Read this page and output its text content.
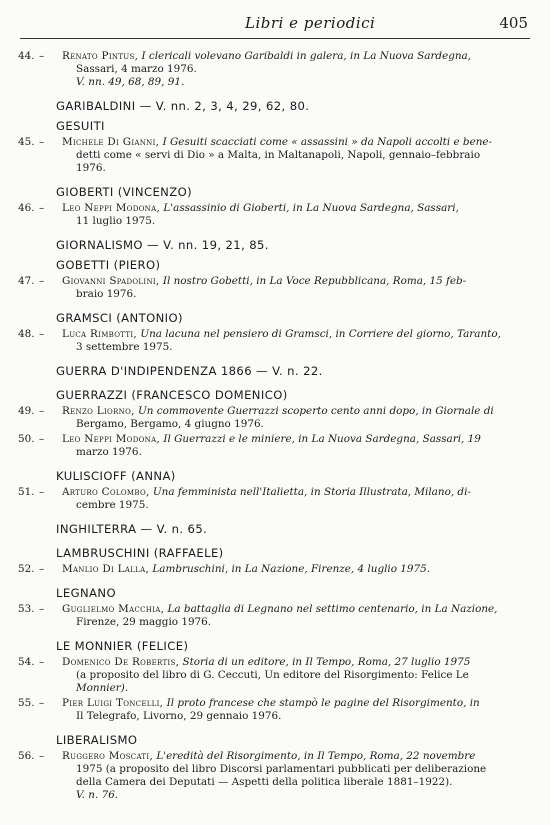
Libri e periodici	405
44. – Renato Pintus, I clericali volevano Garibaldi in galera, in La Nuova Sardegna,
Sassari, 4 marzo 1976.
V. nn. 49, 68, 89, 91.
GARIBALDINI — V. nn. 2, 3, 4, 29, 62, 80.
GESUITI
45. – Michele Di Gianni, I Gesuiti scacciati come « assassini » da Napoli accolti e bene-
detti come « servi di Dio » a Malta, in Maltanapoli, Napoli, gennaio–febbraio
1976.
GIOBERTI (VINCENZO)
46. – Leo Neppi Modona, L'assassinio di Gioberti, in La Nuova Sardegna, Sassari,
11 luglio 1975.
GIORNALISMO — V. nn. 19, 21, 85.
GOBETTI (PIERO)
47. – Giovanni Spadolini, Il nostro Gobetti, in La Voce Repubblicana, Roma, 15 feb-
braio 1976.
GRAMSCI (ANTONIO)
48. – Luca Rimbotti, Una lacuna nel pensiero di Gramsci, in Corriere del giorno, Taranto,
3 settembre 1975.
GUERRA D'INDIPENDENZA 1866 — V. n. 22.
GUERRAZZI (FRANCESCO DOMENICO)
49. – Renzo Liorno, Un commovente Guerrazzi scoperto cento anni dopo, in Giornale di
Bergamo, Bergamo, 4 giugno 1976.
50. – Leo Neppi Modona, Il Guerrazzi e le miniere, in La Nuova Sardegna, Sassari, 19
marzo 1976.
KULISCIOFF (ANNA)
51. – Arturo Colombo, Una femminista nell'Italietta, in Storia Illustrata, Milano, di-
cembre 1975.
INGHILTERRA — V. n. 65.
LAMBRUSCHINI (RAFFAELE)
52. – Manlio Di Lalla, Lambruschini, in La Nazione, Firenze, 4 luglio 1975.
LEGNANO
53. – Guglielmo Macchia, La battaglia di Legnano nel settimo centenario, in La Nazione,
Firenze, 29 maggio 1976.
LE MONNIER (FELICE)
54. – Domenico De Robertis, Storia di un editore, in Il Tempo, Roma, 27 luglio 1975
(a proposito del libro di G. Ceccuti, Un editore del Risorgimento: Felice Le
Monnier).
55. – Pier Luigi Toncelli, Il proto francese che stampò le pagine del Risorgimento, in
Il Telegrafo, Livorno, 29 gennaio 1976.
LIBERALISMO
56. – Ruggero Moscati, L'eredità del Risorgimento, in Il Tempo, Roma, 22 novembre
1975 (a proposito del libro Discorsi parlamentari pubblicati per deliberazione
della Camera dei Deputati — Aspetti della politica liberale 1881–1922).
V. n. 76.
